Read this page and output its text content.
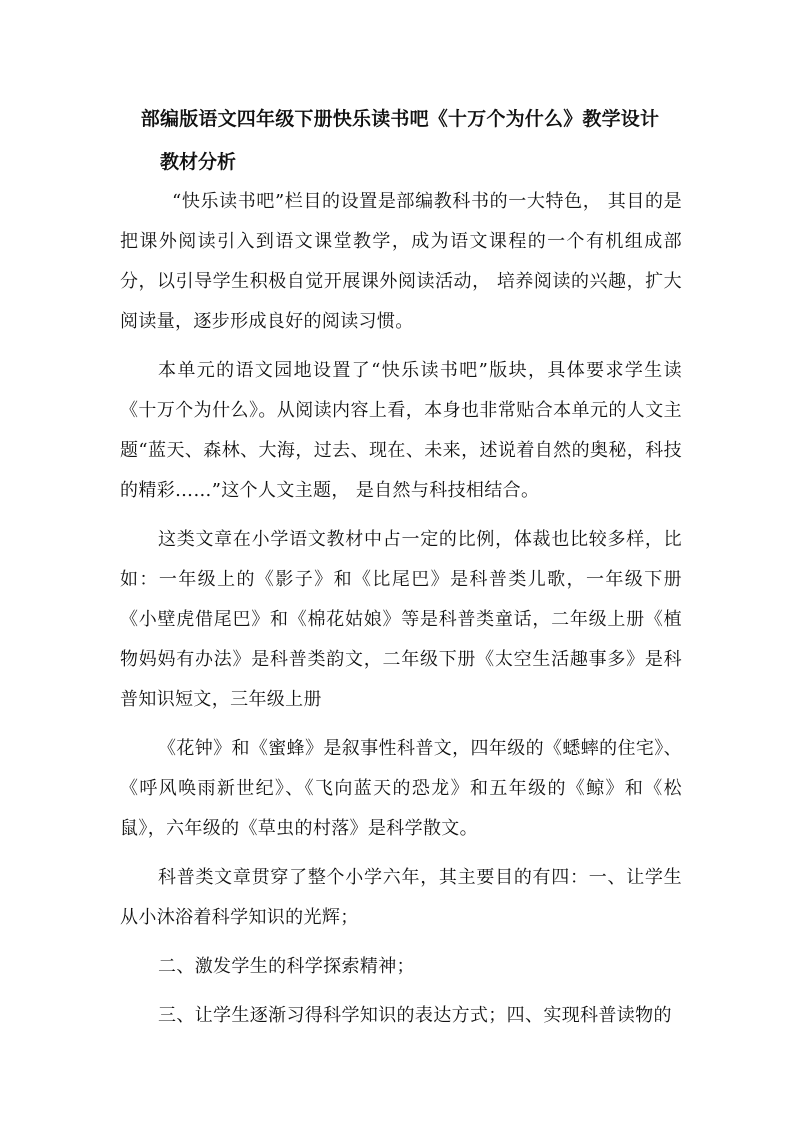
部编版语文四年级下册快乐读书吧《十万个为什么》教学设计
教材分析

“快乐读书吧”栏目的设置是部编教科书的一大特色， 其目的是把课外阅读引入到语文课堂教学，成为语文课程的一个有机组成部分，以引导学生积极自觉开展课外阅读活动， 培养阅读的兴趣，扩大阅读量，逐步形成良好的阅读习惯。

本单元的语文园地设置了“快乐读书吧”版块，具体要求学生读《十万个为什么》。从阅读内容上看，本身也非常贴合本单元的人文主题“蓝天、森林、大海，过去、现在、未来，述说着自然的奥秘，科技的精彩……”这个人文主题， 是自然与科技相结合。

这类文章在小学语文教材中占一定的比例，体裁也比较多样，比如：一年级上的《影子》和《比尾巴》是科普类儿歌，一年级下册《小壁虎借尾巴》和《棉花姑娘》等是科普类童话，二年级上册《植物妈妈有办法》是科普类韵文，二年级下册《太空生活趣事多》是科普知识短文，三年级上册

《花钟》和《蜜蜂》是叙事性科普文，四年级的《蟋蟀的住宅》、《呼风唤雨新世纪》、《飞向蓝天的恐龙》和五年级的《鲸》和《松鼠》，六年级的《草虫的村落》是科学散文。

科普类文章贯穿了整个小学六年，其主要目的有四：一、让学生从小沐浴着科学知识的光辉；

二、激发学生的科学探索精神；

三、让学生逐渐习得科学知识的表达方式；四、实现科普读物的
